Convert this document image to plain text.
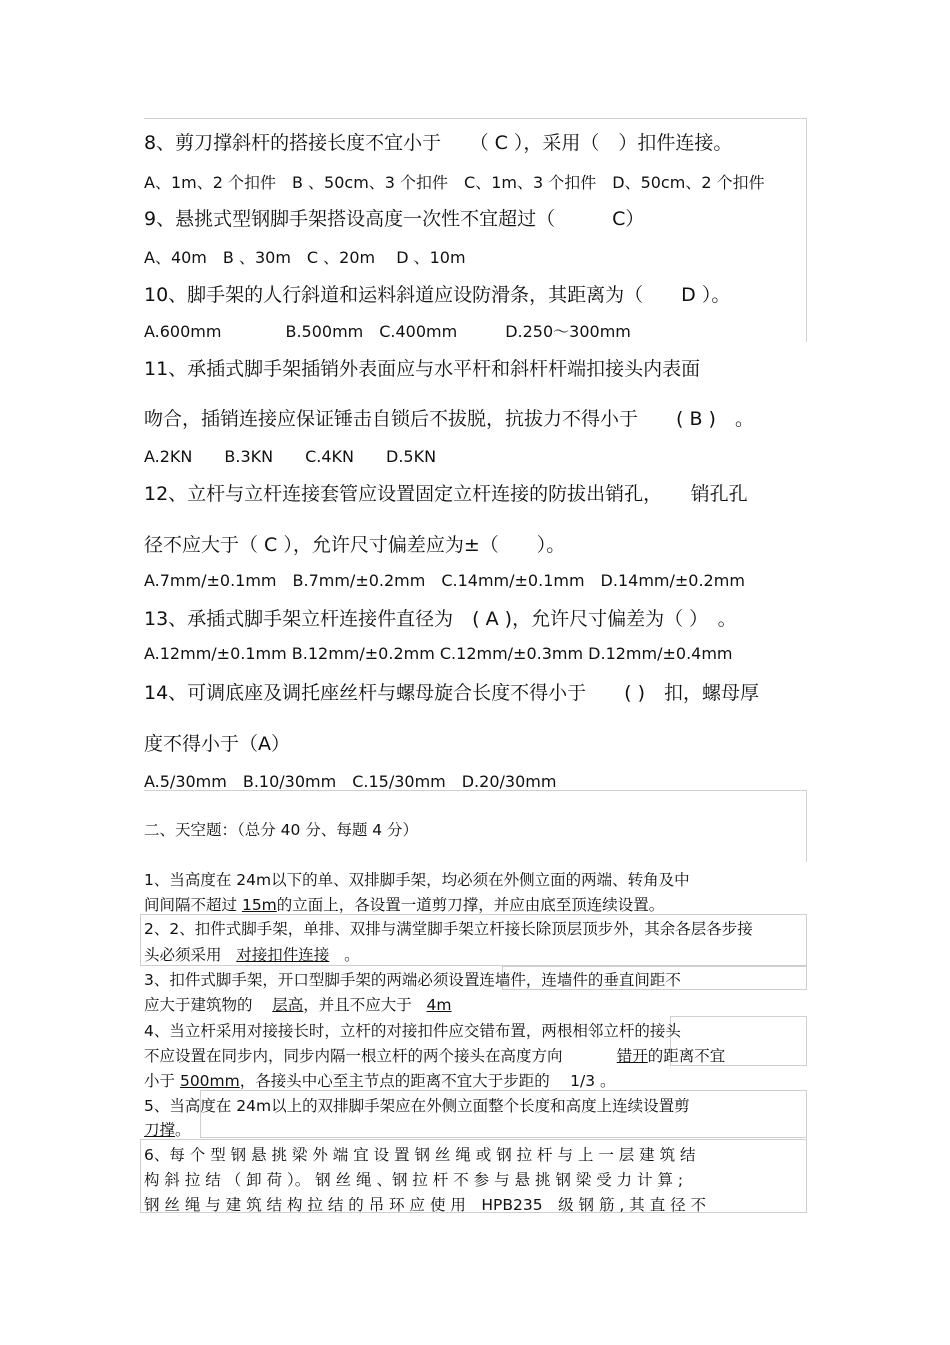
8、剪刀撑斜杆的搭接长度不宜小于　　（ C ），采用（　）扣件连接。
A、1m、2 个扣件　B 、50cm、3 个扣件　C、1m、3 个扣件　D、50cm、2 个扣件
9、悬挑式型钢脚手架搭设高度一次性不宜超过（　　　C）
A、40m　B 、30m　C 、20m　 D 、10m
10、脚手架的人行斜道和运料斜道应设防滑条，其距离为（　　D ）。
A.600mm　　　　B.500mm　C.400mm　　　D.250～300mm
11、承插式脚手架插销外表面应与水平杆和斜杆杆端扣接头内表面
吻合，插销连接应保证锤击自锁后不拔脱，抗拔力不得小于　　( B )　。
A.2KN　　B.3KN　　C.4KN　　D.5KN
12、立杆与立杆连接套管应设置固定立杆连接的防拔出销孔，　　销孔孔
径不应大于（ C ），允许尺寸偏差应为±（　　）。
A.7mm/±0.1mm　B.7mm/±0.2mm　C.14mm/±0.1mm　D.14mm/±0.2mm
13、承插式脚手架立杆连接件直径为　( A )，允许尺寸偏差为（ ）　。
A.12mm/±0.1mm B.12mm/±0.2mm C.12mm/±0.3mm D.12mm/±0.4mm
14、可调底座及调托座丝杆与螺母旋合长度不得小于　　( )　扣，螺母厚
度不得小于（A）
A.5/30mm　B.10/30mm　C.15/30mm　D.20/30mm
二、天空题：（总分 40 分、每题 4 分）
1、当高度在 24m以下的单、双排脚手架，均必须在外侧立面的两端、转角及中
间间隔不超过 15m的立面上，各设置一道剪刀撑，并应由底至顶连续设置。
2、2、扣件式脚手架，单排、双排与满堂脚手架立杆接长除顶层顶步外，其余各层各步接
头必须采用 对接扣件连接 。
3、扣件式脚手架，开口型脚手架的两端必须设置连墙件，连墙件的垂直间距不
应大于建筑物的 层高，并且不应大于 4m
4、当立杆采用对接接长时，立杆的对接扣件应交错布置，两根相邻立杆的接头
不应设置在同步内，同步内隔一根立杆的两个接头在高度方向	错开的距离不宜
小于 500mm，各接头中心至主节点的距离不宜大于步距的　 1/3 。
5、当高度在 24m以上的双排脚手架应在外侧立面整个长度和高度上连续设置剪
刀撑。
6、每 个 型 钢 悬 挑 梁 外 端 宜 设 置 钢 丝 绳 或 钢 拉 杆 与 上 一 层 建 筑 结
构 斜 拉 结 （ 卸 荷 ）。 钢 丝 绳 、钢 拉 杆 不 参 与 悬 挑 钢 梁 受 力 计 算 ;
钢 丝 绳 与 建 筑 结 构 拉 结 的 吊 环 应 使 用　HPB235　级 钢 筋 , 其 直 径 不
